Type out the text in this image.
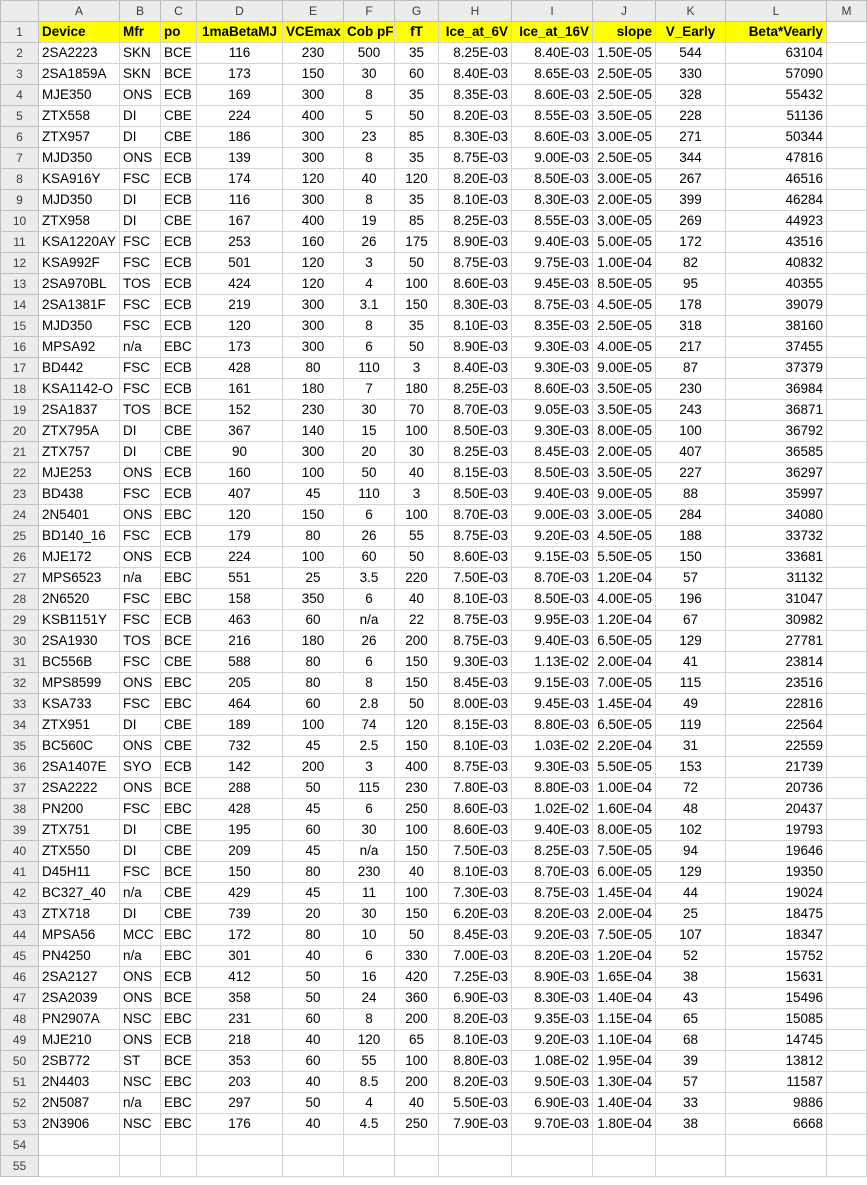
	A	B	C	D	E	F	G	H	I	J	K	L	M
1	Device	Mfr	po	1maBetaMJ	VCEmax	Cob pF	fT	Ice_at_6V	Ice_at_16V	slope	V_Early	Beta*Vearly	
2	2SA2223	SKN	BCE	116	230	500	35	8.25E-03	8.40E-03	1.50E-05	544	63104	
3	2SA1859A	SKN	BCE	173	150	30	60	8.40E-03	8.65E-03	2.50E-05	330	57090	
4	MJE350	ONS	ECB	169	300	8	35	8.35E-03	8.60E-03	2.50E-05	328	55432	
5	ZTX558	DI	CBE	224	400	5	50	8.20E-03	8.55E-03	3.50E-05	228	51136	
6	ZTX957	DI	CBE	186	300	23	85	8.30E-03	8.60E-03	3.00E-05	271	50344	
7	MJD350	ONS	ECB	139	300	8	35	8.75E-03	9.00E-03	2.50E-05	344	47816	
8	KSA916Y	FSC	ECB	174	120	40	120	8.20E-03	8.50E-03	3.00E-05	267	46516	
9	MJD350	DI	ECB	116	300	8	35	8.10E-03	8.30E-03	2.00E-05	399	46284	
10	ZTX958	DI	CBE	167	400	19	85	8.25E-03	8.55E-03	3.00E-05	269	44923	
11	KSA1220AY	FSC	ECB	253	160	26	175	8.90E-03	9.40E-03	5.00E-05	172	43516	
12	KSA992F	FSC	ECB	501	120	3	50	8.75E-03	9.75E-03	1.00E-04	82	40832	
13	2SA970BL	TOS	ECB	424	120	4	100	8.60E-03	9.45E-03	8.50E-05	95	40355	
14	2SA1381F	FSC	ECB	219	300	3.1	150	8.30E-03	8.75E-03	4.50E-05	178	39079	
15	MJD350	FSC	ECB	120	300	8	35	8.10E-03	8.35E-03	2.50E-05	318	38160	
16	MPSA92	n/a	EBC	173	300	6	50	8.90E-03	9.30E-03	4.00E-05	217	37455	
17	BD442	FSC	ECB	428	80	110	3	8.40E-03	9.30E-03	9.00E-05	87	37379	
18	KSA1142-O	FSC	ECB	161	180	7	180	8.25E-03	8.60E-03	3.50E-05	230	36984	
19	2SA1837	TOS	BCE	152	230	30	70	8.70E-03	9.05E-03	3.50E-05	243	36871	
20	ZTX795A	DI	CBE	367	140	15	100	8.50E-03	9.30E-03	8.00E-05	100	36792	
21	ZTX757	DI	CBE	90	300	20	30	8.25E-03	8.45E-03	2.00E-05	407	36585	
22	MJE253	ONS	ECB	160	100	50	40	8.15E-03	8.50E-03	3.50E-05	227	36297	
23	BD438	FSC	ECB	407	45	110	3	8.50E-03	9.40E-03	9.00E-05	88	35997	
24	2N5401	ONS	EBC	120	150	6	100	8.70E-03	9.00E-03	3.00E-05	284	34080	
25	BD140_16	FSC	ECB	179	80	26	55	8.75E-03	9.20E-03	4.50E-05	188	33732	
26	MJE172	ONS	ECB	224	100	60	50	8.60E-03	9.15E-03	5.50E-05	150	33681	
27	MPS6523	n/a	EBC	551	25	3.5	220	7.50E-03	8.70E-03	1.20E-04	57	31132	
28	2N6520	FSC	EBC	158	350	6	40	8.10E-03	8.50E-03	4.00E-05	196	31047	
29	KSB1151Y	FSC	ECB	463	60	n/a	22	8.75E-03	9.95E-03	1.20E-04	67	30982	
30	2SA1930	TOS	BCE	216	180	26	200	8.75E-03	9.40E-03	6.50E-05	129	27781	
31	BC556B	FSC	CBE	588	80	6	150	9.30E-03	1.13E-02	2.00E-04	41	23814	
32	MPS8599	ONS	EBC	205	80	8	150	8.45E-03	9.15E-03	7.00E-05	115	23516	
33	KSA733	FSC	EBC	464	60	2.8	50	8.00E-03	9.45E-03	1.45E-04	49	22816	
34	ZTX951	DI	CBE	189	100	74	120	8.15E-03	8.80E-03	6.50E-05	119	22564	
35	BC560C	ONS	CBE	732	45	2.5	150	8.10E-03	1.03E-02	2.20E-04	31	22559	
36	2SA1407E	SYO	ECB	142	200	3	400	8.75E-03	9.30E-03	5.50E-05	153	21739	
37	2SA2222	ONS	BCE	288	50	115	230	7.80E-03	8.80E-03	1.00E-04	72	20736	
38	PN200	FSC	EBC	428	45	6	250	8.60E-03	1.02E-02	1.60E-04	48	20437	
39	ZTX751	DI	CBE	195	60	30	100	8.60E-03	9.40E-03	8.00E-05	102	19793	
40	ZTX550	DI	CBE	209	45	n/a	150	7.50E-03	8.25E-03	7.50E-05	94	19646	
41	D45H11	FSC	BCE	150	80	230	40	8.10E-03	8.70E-03	6.00E-05	129	19350	
42	BC327_40	n/a	CBE	429	45	11	100	7.30E-03	8.75E-03	1.45E-04	44	19024	
43	ZTX718	DI	CBE	739	20	30	150	6.20E-03	8.20E-03	2.00E-04	25	18475	
44	MPSA56	MCC	EBC	172	80	10	50	8.45E-03	9.20E-03	7.50E-05	107	18347	
45	PN4250	n/a	EBC	301	40	6	330	7.00E-03	8.20E-03	1.20E-04	52	15752	
46	2SA2127	ONS	ECB	412	50	16	420	7.25E-03	8.90E-03	1.65E-04	38	15631	
47	2SA2039	ONS	BCE	358	50	24	360	6.90E-03	8.30E-03	1.40E-04	43	15496	
48	PN2907A	NSC	EBC	231	60	8	200	8.20E-03	9.35E-03	1.15E-04	65	15085	
49	MJE210	ONS	ECB	218	40	120	65	8.10E-03	9.20E-03	1.10E-04	68	14745	
50	2SB772	ST	BCE	353	60	55	100	8.80E-03	1.08E-02	1.95E-04	39	13812	
51	2N4403	NSC	EBC	203	40	8.5	200	8.20E-03	9.50E-03	1.30E-04	57	11587	
52	2N5087	n/a	EBC	297	50	4	40	5.50E-03	6.90E-03	1.40E-04	33	9886	
53	2N3906	NSC	EBC	176	40	4.5	250	7.90E-03	9.70E-03	1.80E-04	38	6668	
54													
55													
